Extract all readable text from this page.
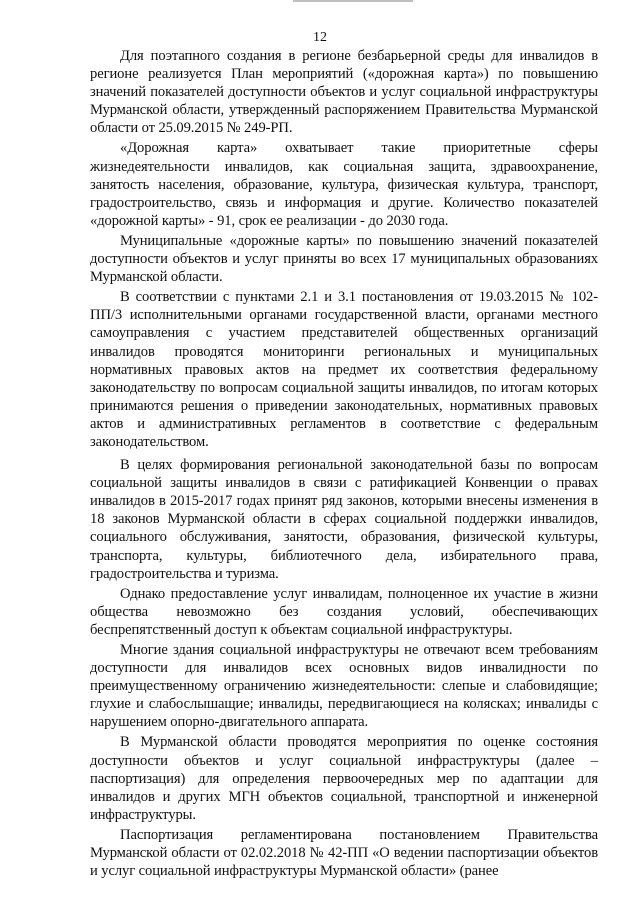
12

Для поэтапного создания в регионе безбарьерной среды для инвалидов в регионе реализуется План мероприятий («дорожная карта») по повышению значений показателей доступности объектов и услуг социальной инфраструктуры Мурманской области, утвержденный распоряжением Правительства Мурманской области от 25.09.2015 № 249-РП.

«Дорожная карта» охватывает такие приоритетные сферы жизнедеятельности инвалидов, как социальная защита, здравоохранение, занятость населения, образование, культура, физическая культура, транспорт, градостроительство, связь и информация и другие. Количество показателей «дорожной карты» - 91, срок ее реализации - до 2030 года.

Муниципальные «дорожные карты» по повышению значений показателей доступности объектов и услуг приняты во всех 17 муниципальных образованиях Мурманской области.

В соответствии с пунктами 2.1 и 3.1 постановления от 19.03.2015 № 102-ПП/3 исполнительными органами государственной власти, органами местного самоуправления с участием представителей общественных организаций инвалидов проводятся мониторинги региональных и муниципальных нормативных правовых актов на предмет их соответствия федеральному законодательству по вопросам социальной защиты инвалидов, по итогам которых принимаются решения о приведении законодательных, нормативных правовых актов и административных регламентов в соответствие с федеральным законодательством.

В целях формирования региональной законодательной базы по вопросам социальной защиты инвалидов в связи с ратификацией Конвенции о правах инвалидов в 2015-2017 годах принят ряд законов, которыми внесены изменения в 18 законов Мурманской области в сферах социальной поддержки инвалидов, социального обслуживания, занятости, образования, физической культуры, транспорта, культуры, библиотечного дела, избирательного права, градостроительства и туризма.

Однако предоставление услуг инвалидам, полноценное их участие в жизни общества невозможно без создания условий, обеспечивающих беспрепятственный доступ к объектам социальной инфраструктуры.

Многие здания социальной инфраструктуры не отвечают всем требованиям доступности для инвалидов всех основных видов инвалидности по преимущественному ограничению жизнедеятельности: слепые и слабовидящие; глухие и слабослышащие; инвалиды, передвигающиеся на колясках; инвалиды с нарушением опорно-двигательного аппарата.

В Мурманской области проводятся мероприятия по оценке состояния доступности объектов и услуг социальной инфраструктуры (далее – паспортизация) для определения первоочередных мер по адаптации для инвалидов и других МГН объектов социальной, транспортной и инженерной инфраструктуры.

Паспортизация регламентирована постановлением Правительства Мурманской области от 02.02.2018 № 42-ПП «О ведении паспортизации объектов и услуг социальной инфраструктуры Мурманской области» (ранее
